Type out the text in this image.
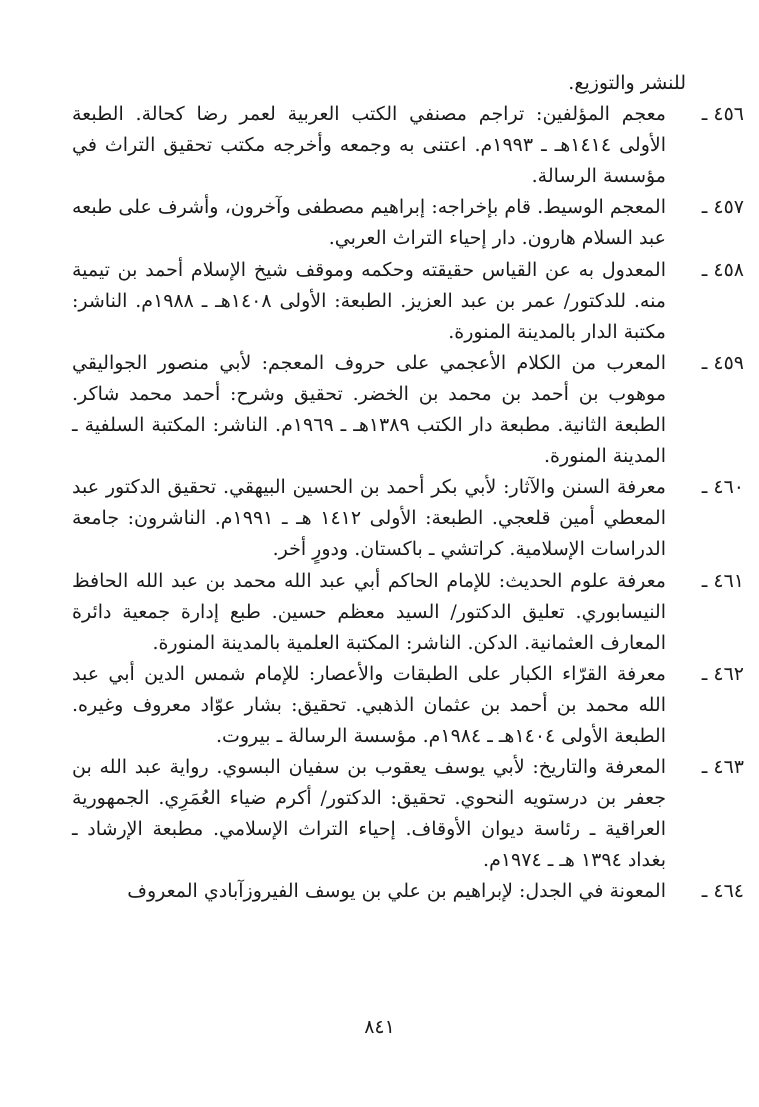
للنشر والتوزيع.

٤٥٦ ـ
معجم المؤلفين: تراجم مصنفي الكتب العربية لعمر رضا كحالة. الطبعة الأولى ١٤١٤هـ ـ ١٩٩٣م. اعتنى به وجمعه وأخرجه مكتب تحقيق التراث في مؤسسة الرسالة.

٤٥٧ ـ
المعجم الوسيط. قام بإخراجه: إبراهيم مصطفى وآخرون، وأشرف على طبعه عبد السلام هارون. دار إحياء التراث العربي.

٤٥٨ ـ
المعدول به عن القياس حقيقته وحكمه وموقف شيخ الإسلام أحمد بن تيمية منه. للدكتور/ عمر بن عبد العزيز. الطبعة: الأولى ١٤٠٨هـ ـ ١٩٨٨م. الناشر: مكتبة الدار بالمدينة المنورة.

٤٥٩ ـ
المعرب من الكلام الأعجمي على حروف المعجم: لأبي منصور الجواليقي موهوب بن أحمد بن محمد بن الخضر. تحقيق وشرح: أحمد محمد شاكر. الطبعة الثانية. مطبعة دار الكتب ١٣٨٩هـ ـ ١٩٦٩م. الناشر: المكتبة السلفية ـ المدينة المنورة.

٤٦٠ ـ
معرفة السنن والآثار: لأبي بكر أحمد بن الحسين البيهقي. تحقيق الدكتور عبد المعطي أمين قلعجي. الطبعة: الأولى ١٤١٢ هـ ـ ١٩٩١م. الناشرون: جامعة الدراسات الإسلامية. كراتشي ـ باكستان. ودورٍ أخر.

٤٦١ ـ
معرفة علوم الحديث: للإمام الحاكم أبي عبد الله محمد بن عبد الله الحافظ النيسابوري. تعليق الدكتور/ السيد معظم حسين. طبع إدارة جمعية دائرة المعارف العثمانية. الدكن. الناشر: المكتبة العلمية بالمدينة المنورة.

٤٦٢ ـ
معرفة القرّاء الكبار على الطبقات والأعصار: للإمام شمس الدين أبي عبد الله محمد بن أحمد بن عثمان الذهبي. تحقيق: بشار عوّاد معروف وغيره. الطبعة الأولى ١٤٠٤هـ ـ ١٩٨٤م. مؤسسة الرسالة ـ بيروت.

٤٦٣ ـ
المعرفة والتاريخ: لأبي يوسف يعقوب بن سفيان البسوي. رواية عبد الله بن جعفر بن درستويه النحوي. تحقيق: الدكتور/ أكرم ضياء العُمَرِي. الجمهورية العراقية ـ رئاسة ديوان الأوقاف. إحياء التراث الإسلامي. مطبعة الإرشاد ـ بغداد ١٣٩٤ هـ ـ ١٩٧٤م.

٤٦٤ ـ
المعونة في الجدل: لإبراهيم بن علي بن يوسف الفيروزآبادي المعروف

٨٤١
